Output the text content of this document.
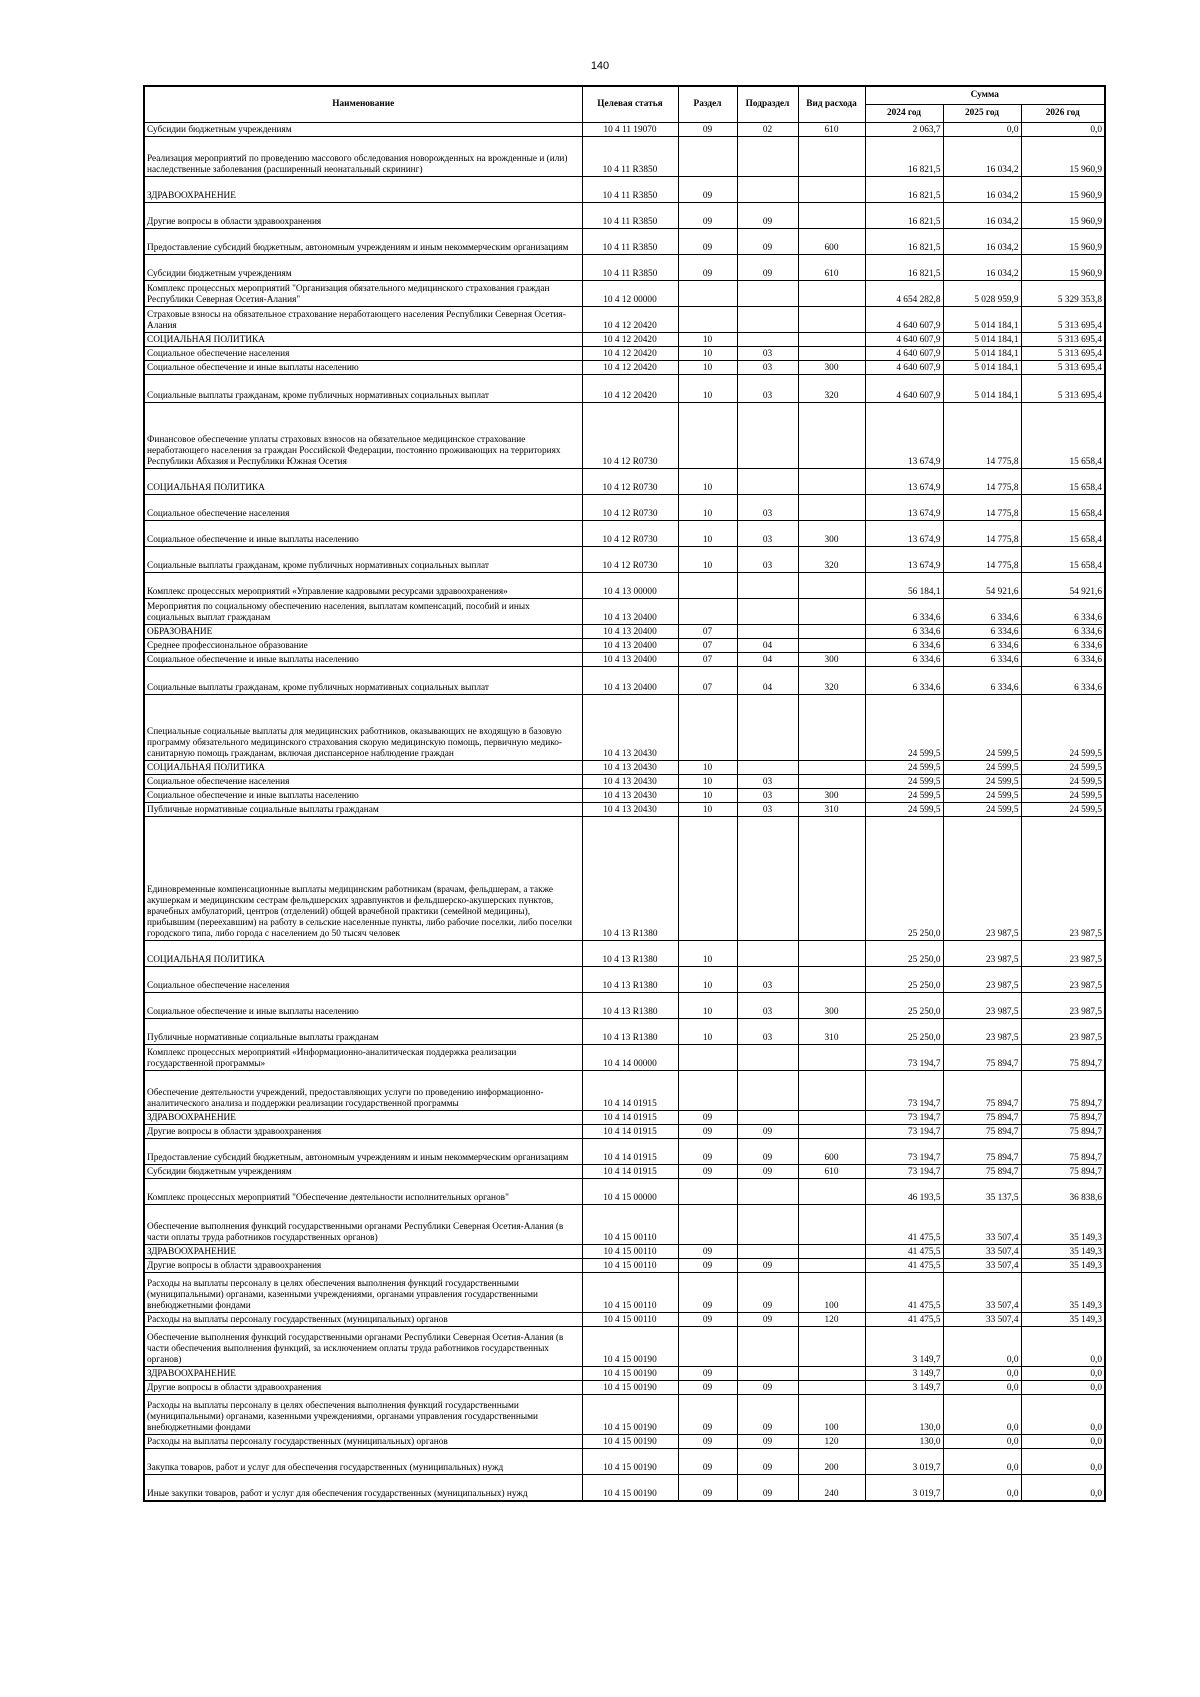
140
Наименование	Целевая статья	Раздел	Подраздел	Вид расхода	Сумма		
					2024 год	2025 год	2026 год
Субсидии бюджетным учреждениям	10 4 11 19070	09	02	610	2 063,7	0,0	0,0
Реализация мероприятий по проведению массового обследования новорожденных на врожденные и (или) наследственные заболевания (расширенный неонатальный скрининг)	10 4 11 R3850				16 821,5	16 034,2	15 960,9
ЗДРАВООХРАНЕНИЕ	10 4 11 R3850	09			16 821,5	16 034,2	15 960,9
Другие вопросы в области здравоохранения	10 4 11 R3850	09	09		16 821,5	16 034,2	15 960,9
Предоставление субсидий бюджетным, автономным учреждениям и иным некоммерческим организациям	10 4 11 R3850	09	09	600	16 821,5	16 034,2	15 960,9
Субсидии бюджетным учреждениям	10 4 11 R3850	09	09	610	16 821,5	16 034,2	15 960,9
Комплекс процессных мероприятий "Организация обязательного медицинского страхования граждан Республики Северная Осетия-Алания"	10 4 12 00000				4 654 282,8	5 028 959,9	5 329 353,8
Страховые взносы на обязательное страхование неработающего населения Республики Северная Осетия-Алания	10 4 12 20420				4 640 607,9	5 014 184,1	5 313 695,4
СОЦИАЛЬНАЯ ПОЛИТИКА	10 4 12 20420	10			4 640 607,9	5 014 184,1	5 313 695,4
Социальное обеспечение населения	10 4 12 20420	10	03		4 640 607,9	5 014 184,1	5 313 695,4
Социальное обеспечение и иные выплаты населению	10 4 12 20420	10	03	300	4 640 607,9	5 014 184,1	5 313 695,4
Социальные выплаты гражданам, кроме публичных нормативных социальных выплат	10 4 12 20420	10	03	320	4 640 607,9	5 014 184,1	5 313 695,4
Финансовое обеспечение уплаты страховых взносов на обязательное медицинское страхование неработающего населения за граждан Российской Федерации, постоянно проживающих на территориях Республики Абхазия и Республики Южная Осетия	10 4 12 R0730				13 674,9	14 775,8	15 658,4
СОЦИАЛЬНАЯ ПОЛИТИКА	10 4 12 R0730	10			13 674,9	14 775,8	15 658,4
Социальное обеспечение населения	10 4 12 R0730	10	03		13 674,9	14 775,8	15 658,4
Социальное обеспечение и иные выплаты населению	10 4 12 R0730	10	03	300	13 674,9	14 775,8	15 658,4
Социальные выплаты гражданам, кроме публичных нормативных социальных выплат	10 4 12 R0730	10	03	320	13 674,9	14 775,8	15 658,4
Комплекс процессных мероприятий «Управление кадровыми ресурсами здравоохранения»	10 4 13 00000				56 184,1	54 921,6	54 921,6
Мероприятия по социальному обеспечению населения, выплатам компенсаций, пособий и иных социальных выплат гражданам	10 4 13 20400				6 334,6	6 334,6	6 334,6
ОБРАЗОВАНИЕ	10 4 13 20400	07			6 334,6	6 334,6	6 334,6
Среднее профессиональное образование	10 4 13 20400	07	04		6 334,6	6 334,6	6 334,6
Социальное обеспечение и иные выплаты населению	10 4 13 20400	07	04	300	6 334,6	6 334,6	6 334,6
Социальные выплаты гражданам, кроме публичных нормативных социальных выплат	10 4 13 20400	07	04	320	6 334,6	6 334,6	6 334,6
Специальные социальные выплаты для медицинских работников, оказывающих не входящую в базовую программу обязательного медицинского страхования скорую медицинскую помощь, первичную медико-санитарную помощь гражданам, включая диспансерное наблюдение граждан	10 4 13 20430				24 599,5	24 599,5	24 599,5
СОЦИАЛЬНАЯ ПОЛИТИКА	10 4 13 20430	10			24 599,5	24 599,5	24 599,5
Социальное обеспечение населения	10 4 13 20430	10	03		24 599,5	24 599,5	24 599,5
Социальное обеспечение и иные выплаты населению	10 4 13 20430	10	03	300	24 599,5	24 599,5	24 599,5
Публичные нормативные социальные выплаты гражданам	10 4 13 20430	10	03	310	24 599,5	24 599,5	24 599,5
Единовременные компенсационные выплаты медицинским работникам (врачам, фельдшерам, а также акушеркам и медицинским сестрам фельдшерских здравпунктов и фельдшерско-акушерских пунктов, врачебных амбулаторий, центров (отделений) общей врачебной практики (семейной медицины), прибывшим (переехавшим) на работу в сельские населенные пункты, либо рабочие поселки, либо поселки городского типа, либо города с населением до 50 тысяч человек	10 4 13 R1380				25 250,0	23 987,5	23 987,5
СОЦИАЛЬНАЯ ПОЛИТИКА	10 4 13 R1380	10			25 250,0	23 987,5	23 987,5
Социальное обеспечение населения	10 4 13 R1380	10	03		25 250,0	23 987,5	23 987,5
Социальное обеспечение и иные выплаты населению	10 4 13 R1380	10	03	300	25 250,0	23 987,5	23 987,5
Публичные нормативные социальные выплаты гражданам	10 4 13 R1380	10	03	310	25 250,0	23 987,5	23 987,5
Комплекс процессных мероприятий «Информационно-аналитическая поддержка реализации государственной программы»	10 4 14 00000				73 194,7	75 894,7	75 894,7
Обеспечение деятельности учреждений, предоставляющих услуги по проведению информационно-аналитического анализа и поддержки реализации государственной программы	10 4 14 01915				73 194,7	75 894,7	75 894,7
ЗДРАВООХРАНЕНИЕ	10 4 14 01915	09			73 194,7	75 894,7	75 894,7
Другие вопросы в области здравоохранения	10 4 14 01915	09	09		73 194,7	75 894,7	75 894,7
Предоставление субсидий бюджетным, автономным учреждениям и иным некоммерческим организациям	10 4 14 01915	09	09	600	73 194,7	75 894,7	75 894,7
Субсидии бюджетным учреждениям	10 4 14 01915	09	09	610	73 194,7	75 894,7	75 894,7
Комплекс процессных мероприятий "Обеспечение деятельности исполнительных органов"	10 4 15 00000				46 193,5	35 137,5	36 838,6
Обеспечение выполнения функций государственными органами Республики Северная Осетия-Алания (в части оплаты труда работников государственных органов)	10 4 15 00110				41 475,5	33 507,4	35 149,3
ЗДРАВООХРАНЕНИЕ	10 4 15 00110	09			41 475,5	33 507,4	35 149,3
Другие вопросы в области здравоохранения	10 4 15 00110	09	09		41 475,5	33 507,4	35 149,3
Расходы на выплаты персоналу в целях обеспечения выполнения функций государственными (муниципальными) органами, казенными учреждениями, органами управления государственными внебюджетными фондами	10 4 15 00110	09	09	100	41 475,5	33 507,4	35 149,3
Расходы на выплаты персоналу государственных (муниципальных) органов	10 4 15 00110	09	09	120	41 475,5	33 507,4	35 149,3
Обеспечение выполнения функций государственными органами Республики Северная Осетия-Алания (в части обеспечения выполнения функций, за исключением оплаты труда работников государственных органов)	10 4 15 00190				3 149,7	0,0	0,0
ЗДРАВООХРАНЕНИЕ	10 4 15 00190	09			3 149,7	0,0	0,0
Другие вопросы в области здравоохранения	10 4 15 00190	09	09		3 149,7	0,0	0,0
Расходы на выплаты персоналу в целях обеспечения выполнения функций государственными (муниципальными) органами, казенными учреждениями, органами управления государственными внебюджетными фондами	10 4 15 00190	09	09	100	130,0	0,0	0,0
Расходы на выплаты персоналу государственных (муниципальных) органов	10 4 15 00190	09	09	120	130,0	0,0	0,0
Закупка товаров, работ и услуг для обеспечения государственных (муниципальных) нужд	10 4 15 00190	09	09	200	3 019,7	0,0	0,0
Иные закупки товаров, работ и услуг для обеспечения государственных (муниципальных) нужд	10 4 15 00190	09	09	240	3 019,7	0,0	0,0
